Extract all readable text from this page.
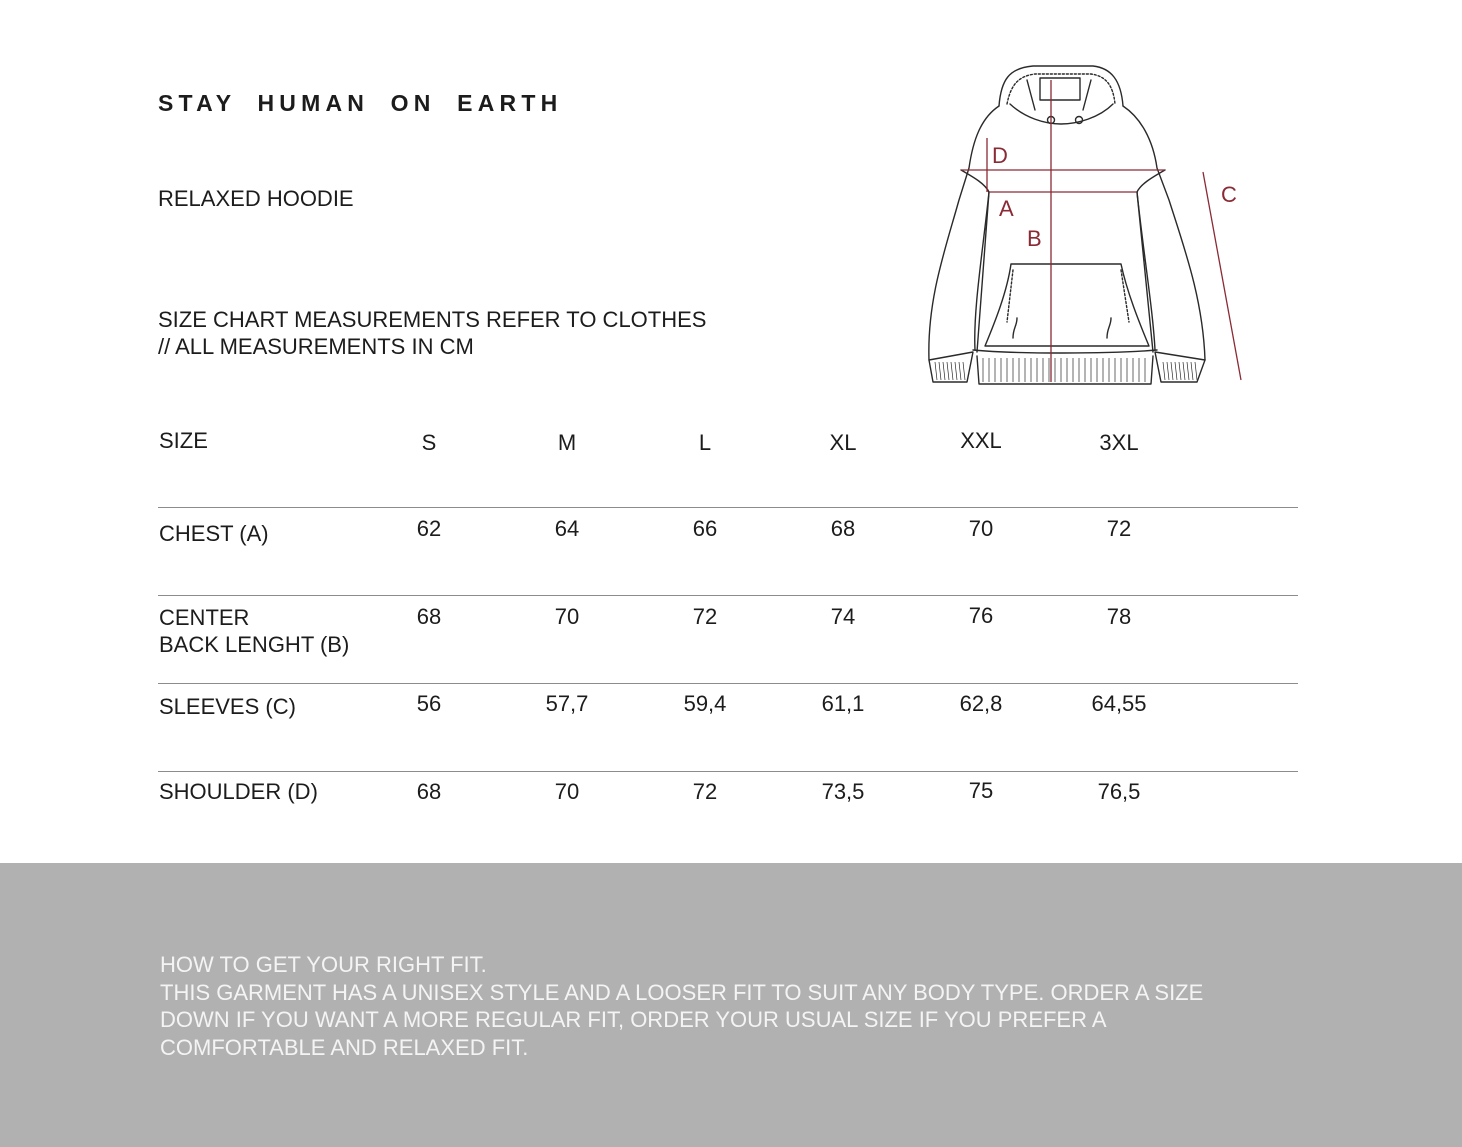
STAY HUMAN ON EARTH
RELAXED HOODIE
SIZE CHART MEASUREMENTS REFER TO CLOTHES
// ALL MEASUREMENTS IN CM
D
A
B
C
SIZE	S	M	L	XL	XXL	3XL
CHEST (A)	62	64	66	68	70	72
CENTER
BACK LENGHT (B)
68	70	72	74	76	78
SLEEVES (C)	56	57,7	59,4	61,1	62,8	64,55
SHOULDER (D)	68	70	72	73,5	75	76,5
HOW TO GET YOUR RIGHT FIT.
THIS GARMENT HAS A UNISEX STYLE AND A LOOSER FIT TO SUIT ANY BODY TYPE. ORDER A SIZE
DOWN IF YOU WANT A MORE REGULAR FIT, ORDER YOUR USUAL SIZE IF YOU PREFER A
COMFORTABLE AND RELAXED FIT.
